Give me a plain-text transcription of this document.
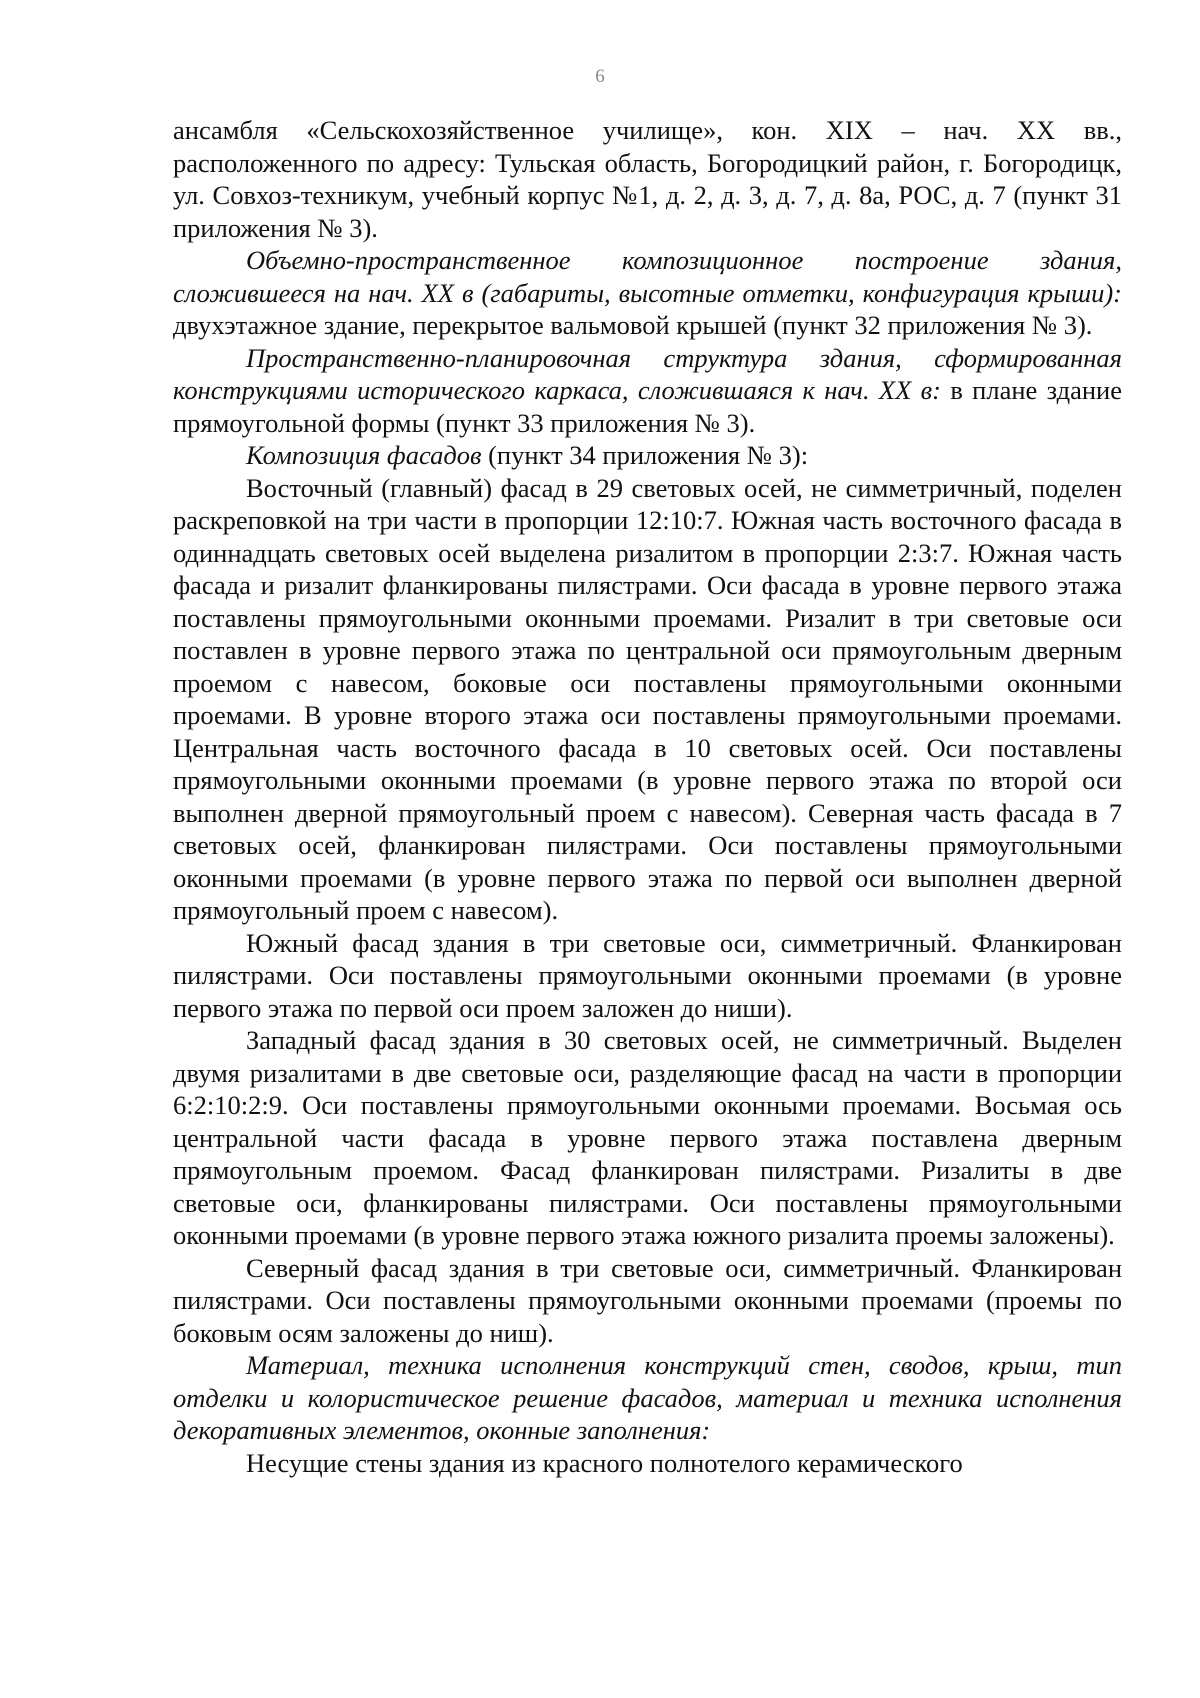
6

ансамбля «Сельскохозяйственное училище», кон. XIX – нач. XX вв., расположенного по адресу: Тульская область, Богородицкий район, г. Богородицк, ул. Совхоз-техникум, учебный корпус №1, д. 2, д. 3, д. 7, д. 8а, РОС, д. 7 (пункт 31 приложения № 3).

Объемно-пространственное композиционное построение здания, сложившееся на нач. XX в (габариты, высотные отметки, конфигурация крыши): двухэтажное здание, перекрытое вальмовой крышей (пункт 32 приложения № 3).

Пространственно-планировочная структура здания, сформированная конструкциями исторического каркаса, сложившаяся к нач. XX в: в плане здание прямоугольной формы (пункт 33 приложения № 3).

Композиция фасадов (пункт 34 приложения № 3):

Восточный (главный) фасад в 29 световых осей, не симметричный, поделен раскреповкой на три части в пропорции 12:10:7. Южная часть восточного фасада в одиннадцать световых осей выделена ризалитом в пропорции 2:3:7. Южная часть фасада и ризалит фланкированы пилястрами. Оси фасада в уровне первого этажа поставлены прямоугольными оконными проемами. Ризалит в три световые оси поставлен в уровне первого этажа по центральной оси прямоугольным дверным проемом с навесом, боковые оси поставлены прямоугольными оконными проемами. В уровне второго этажа оси поставлены прямоугольными проемами. Центральная часть восточного фасада в 10 световых осей. Оси поставлены прямоугольными оконными проемами (в уровне первого этажа по второй оси выполнен дверной прямоугольный проем с навесом). Северная часть фасада в 7 световых осей, фланкирован пилястрами. Оси поставлены прямоугольными оконными проемами (в уровне первого этажа по первой оси выполнен дверной прямоугольный проем с навесом).

Южный фасад здания в три световые оси, симметричный. Фланкирован пилястрами. Оси поставлены прямоугольными оконными проемами (в уровне первого этажа по первой оси проем заложен до ниши).

Западный фасад здания в 30 световых осей, не симметричный. Выделен двумя ризалитами в две световые оси, разделяющие фасад на части в пропорции 6:2:10:2:9. Оси поставлены прямоугольными оконными проемами. Восьмая ось центральной части фасада в уровне первого этажа поставлена дверным прямоугольным проемом. Фасад фланкирован пилястрами. Ризалиты в две световые оси, фланкированы пилястрами. Оси поставлены прямоугольными оконными проемами (в уровне первого этажа южного ризалита проемы заложены).

Северный фасад здания в три световые оси, симметричный. Фланкирован пилястрами. Оси поставлены прямоугольными оконными проемами (проемы по боковым осям заложены до ниш).

Материал, техника исполнения конструкций стен, сводов, крыш, тип отделки и колористическое решение фасадов, материал и техника исполнения декоративных элементов, оконные заполнения:

Несущие стены здания из красного полнотелого керамического
